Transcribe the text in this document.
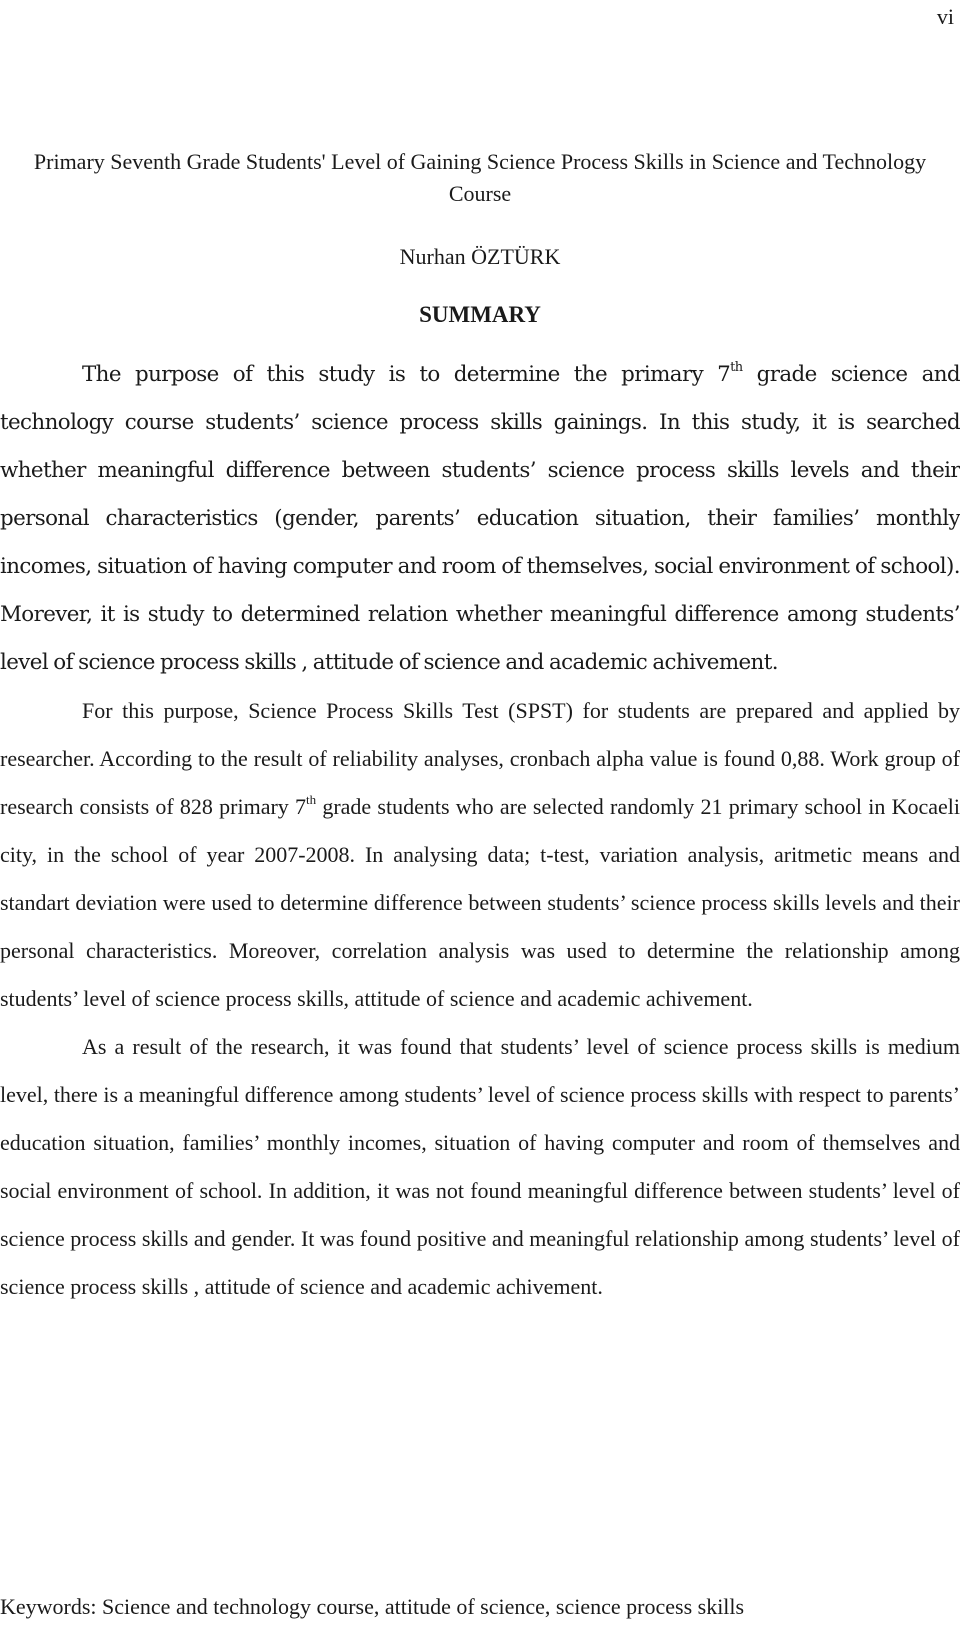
vi
Primary Seventh Grade Students' Level of Gaining Science Process Skills in Science and Technology Course
Nurhan ÖZTÜRK
SUMMARY

The purpose of this study is to determine the primary 7th grade science and technology course students’ science process skills gainings. In this study, it is searched whether meaningful difference between students’ science process skills levels and their personal characteristics (gender, parents’ education situation, their families’ monthly incomes, situation of having computer and room of themselves, social environment of school). Morever, it is study to determined relation whether meaningful difference among students’ level of science process skills , attitude of science and academic achivement.

For this purpose, Science Process Skills Test (SPST) for students are prepared and applied by researcher. According to the result of reliability analyses, cronbach alpha value is found 0,88. Work group of research consists of 828 primary 7th grade students who are selected randomly 21 primary school in Kocaeli city, in the school of year 2007-2008. In analysing data; t-test, variation analysis, aritmetic means and standart deviation were used to determine difference between students’ science process skills levels and their personal characteristics. Moreover, correlation analysis was used to determine the relationship among students’ level of science process skills, attitude of science and academic achivement.

As a result of the research, it was found that students’ level of science process skills is medium level, there is a meaningful difference among students’ level of science process skills with respect to parents’ education situation, families’ monthly incomes, situation of having computer and room of themselves and social environment of school. In addition, it was not found meaningful difference between students’ level of science process skills and gender. It was found positive and meaningful relationship among students’ level of science process skills , attitude of science and academic achivement.

Keywords: Science and technology course, attitude of science, science process skills
